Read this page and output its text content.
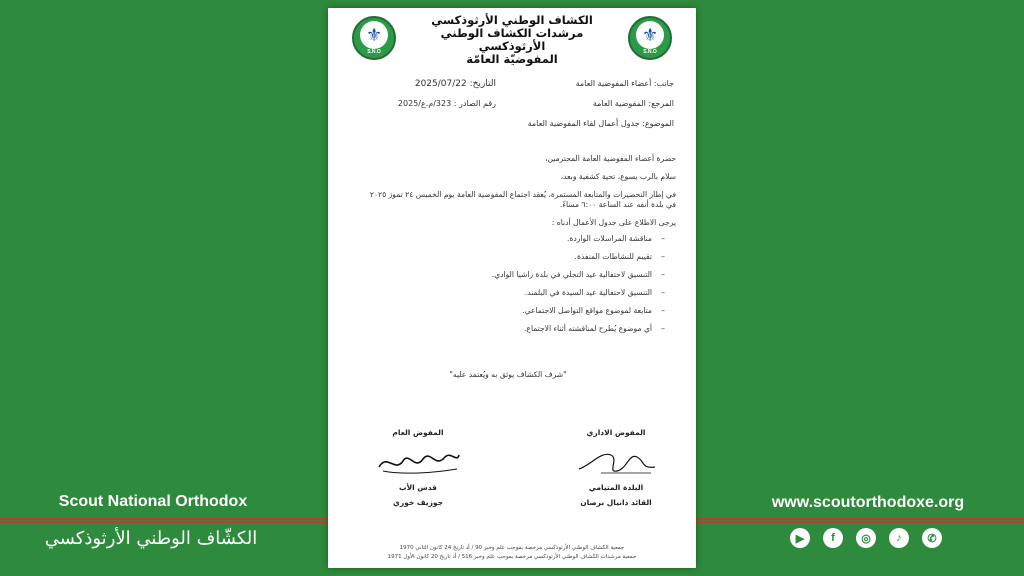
Scout National Orthodox
الكشّاف الوطني الأرثوذكسي
www.scoutorthodoxe.org
▶	f	◎	♪	✆
⚜
S.N.O
⚜
S.N.O
الكشاف الوطني الأرثوذكسي
مرشدات الكشاف الوطني الأرثوذكسي
المفوضيّة العامّة
جانب: أعضاء المفوضية العامة
المرجع: المفوضية العامة
الموضوع: جدول أعمال لقاء المفوضية العامة
التاريخ: 2025/07/22
رقم الصادر : 323/م.ع/2025

حضرة أعضاء المفوضية العامة المحترمين،

سلام بالرب يسوع، تحية كشفية وبعد،

في إطار التحضيرات والمتابعة المستمرة، يُعقد اجتماع المفوضية العامة يوم الخميس ٢٤ تموز ٢٠٢٥

في بلدة أنفه عند الساعة ٦:٠٠ مساءً.

يرجى الاطلاع على جدول الأعمال أدناه :

–مناقشة المراسلات الواردة.
–تقييم للنشاطات المنفذة.
–التنسيق لاحتفالية عيد التجلي في بلدة راشيا الوادي.
–التنسيق لاحتفالية عيد السيدة في البلمند.
–متابعة لموضوع مواقع التواصل الاجتماعي.
–أي موضوع يُطرح لمناقشته أثناء الاجتماع.
"شرف الكشاف يوثق به ويُعتمد عليه"
المفوض الاداري
البلدة المتيامي
القائد دانيال برصان
المفوض العام
قدس الأب
جوزيف خوري
جمعية الكشاف الوطني الأرثوذكسي مرخصة بموجب علم وخبر 90 / أد تاريخ 24 كانون الثاني 1970
جمعية مرشدات الكشاف الوطني الأرثوذكسي مرخصة بموجب علم وخبر 516 / أد تاريخ 20 كانون الأول 1971
